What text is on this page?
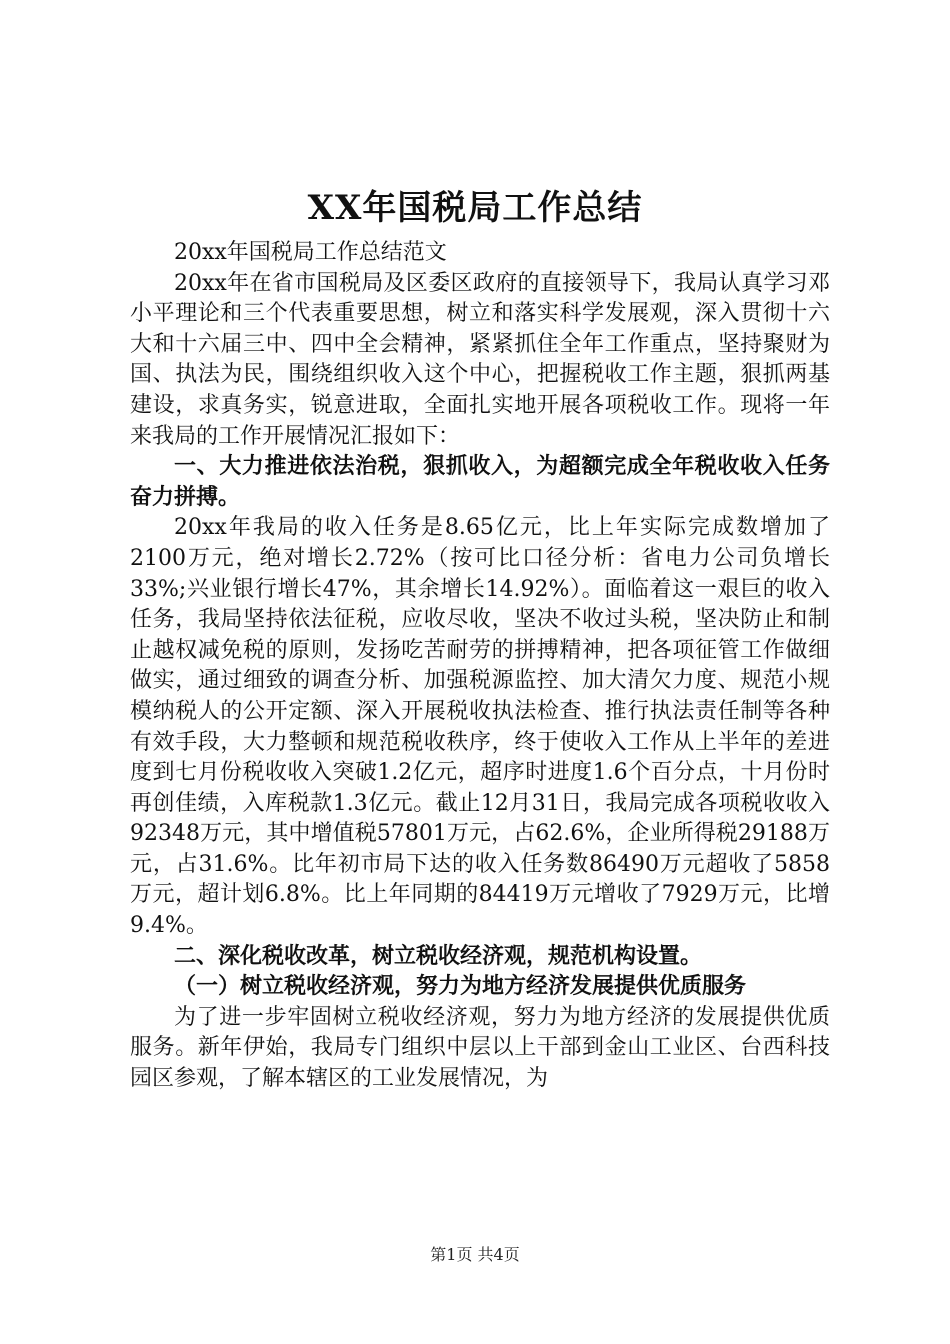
XX年国税局工作总结

20xx年国税局工作总结范文

20xx年在省市国税局及区委区政府的直接领导下，我局认真学习邓小平理论和三个代表重要思想，树立和落实科学发展观，深入贯彻十六大和十六届三中、四中全会精神，紧紧抓住全年工作重点，坚持聚财为国、执法为民，围绕组织收入这个中心，把握税收工作主题，狠抓两基建设，求真务实，锐意进取，全面扎实地开展各项税收工作。现将一年来我局的工作开展情况汇报如下：

一、大力推进依法治税，狠抓收入，为超额完成全年税收收入任务奋力拼搏。

20xx年我局的收入任务是8.65亿元，比上年实际完成数增加了2100万元，绝对增长2.72%（按可比口径分析：省电力公司负增长33%;兴业银行增长47%，其余增长14.92%）。面临着这一艰巨的收入任务，我局坚持依法征税，应收尽收，坚决不收过头税，坚决防止和制止越权减免税的原则，发扬吃苦耐劳的拼搏精神，把各项征管工作做细做实，通过细致的调查分析、加强税源监控、加大清欠力度、规范小规模纳税人的公开定额、深入开展税收执法检查、推行执法责任制等各种有效手段，大力整顿和规范税收秩序，终于使收入工作从上半年的差进度到七月份税收收入突破1.2亿元，超序时进度1.6个百分点，十月份时再创佳绩，入库税款1.3亿元。截止12月31日，我局完成各项税收收入92348万元，其中增值税57801万元，占62.6%，企业所得税29188万元，占31.6%。比年初市局下达的收入任务数86490万元超收了5858万元，超计划6.8%。比上年同期的84419万元增收了7929万元，比增9.4%。

二、深化税收改革，树立税收经济观，规范机构设置。

（一）树立税收经济观，努力为地方经济发展提供优质服务

为了进一步牢固树立税收经济观，努力为地方经济的发展提供优质服务。新年伊始，我局专门组织中层以上干部到金山工业区、台西科技园区参观，了解本辖区的工业发展情况，为

第1页 共4页
